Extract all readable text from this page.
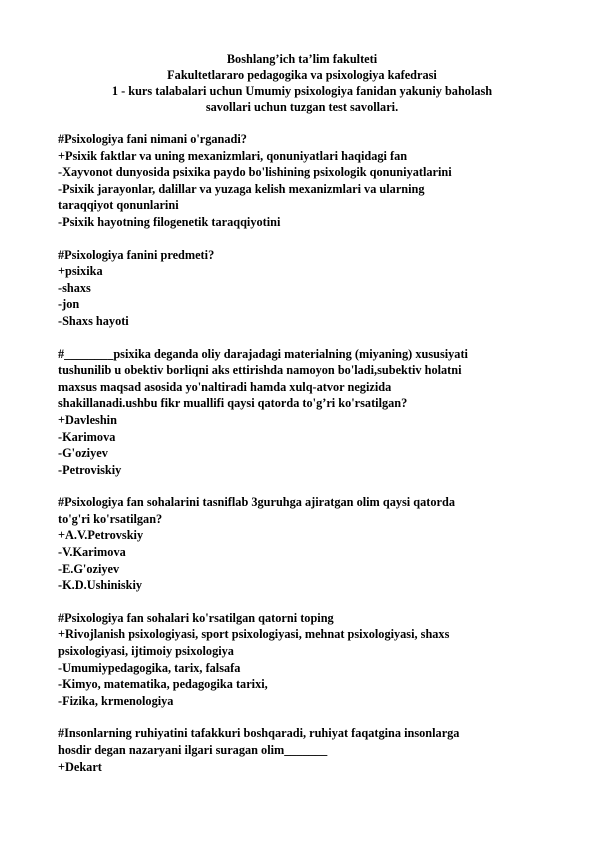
Boshlang’ich ta’lim fakulteti
Fakultetlararo pedagogika va psixologiya kafedrasi
1 - kurs talabalari uchun Umumiy psixologiya fanidan yakuniy baholash
savollari uchun tuzgan test savollari.
#Psixologiya fani nimani o'rganadi?
+Psixik faktlar va uning mexanizmlari, qonuniyatlari haqidagi fan
-Xayvonot dunyosida psixika paydo bo'lishining psixologik qonuniyatlarini
-Psixik jarayonlar, dalillar va yuzaga kelish mexanizmlari va ularning
taraqqiyot qonunlarini
-Psixik hayotning filogenetik taraqqiyotini
#Psixologiya fanini predmeti?
+psixika
-shaxs
-jon
-Shaxs hayoti
#________psixika deganda oliy darajadagi materialning (miyaning) xususiyati
tushunilib u obektiv borliqni aks ettirishda namoyon bo'ladi,subektiv holatni
maxsus maqsad asosida yo'naltiradi hamda xulq-atvor negizida
shakillanadi.ushbu fikr muallifi qaysi qatorda to'g’ri ko'rsatilgan?
+Davleshin
-Karimova
-G'oziyev
-Petroviskiy
#Psixologiya fan sohalarini tasniflab 3guruhga ajiratgan olim qaysi qatorda
to'g'ri ko'rsatilgan?
+A.V.Petrovskiy
-V.Karimova
-E.G'oziyev
-K.D.Ushiniskiy
#Psixologiya fan sohalari ko'rsatilgan qatorni toping
+Rivojlanish psixologiyasi, sport psixologiyasi, mehnat psixologiyasi, shaxs
psixologiyasi, ijtimoiy psixologiya
-Umumiypedagogika, tarix, falsafa
-Kimyo, matematika, pedagogika tarixi,
-Fizika, krmenologiya
#Insonlarning ruhiyatini tafakkuri boshqaradi, ruhiyat faqatgina insonlarga
hosdir degan nazaryani ilgari suragan olim_______
+Dekart
